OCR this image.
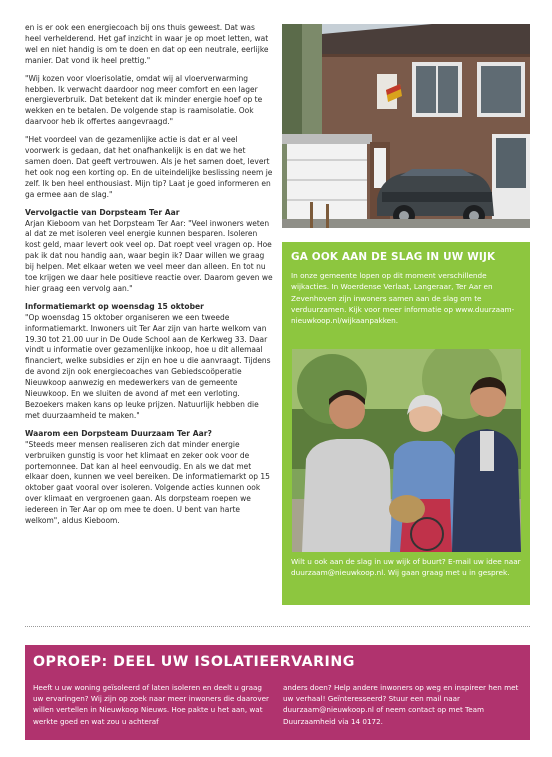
en is er ook een energiecoach bij ons thuis geweest. Dat was heel verhelderend. Het gaf inzicht in waar je op moet letten, wat wel en niet handig is om te doen en dat op een neutrale, eerlijke manier. Dat vond ik heel prettig."

"Wij kozen voor vloerisolatie, omdat wij al vloerverwarming hebben. Ik verwacht daardoor nog meer comfort en een lager energieverbruik. Dat betekent dat ik minder energie hoef op te wekken en te betalen. De volgende stap is raamisolatie. Ook daarvoor heb ik offertes aangevraagd."

"Het voordeel van de gezamenlijke actie is dat er al veel voorwerk is gedaan, dat het onafhankelijk is en dat we het samen doen. Dat geeft vertrouwen. Als je het samen doet, levert het ook nog een korting op. En de uiteindelijke beslissing neem je zelf. Ik ben heel enthousiast. Mijn tip? Laat je goed informeren en ga ermee aan de slag."

Vervolgactie van Dorpsteam Ter Aar
Arjan Kieboom van het Dorpsteam Ter Aar: "Veel inwoners weten al dat ze met isoleren veel energie kunnen besparen. Isoleren kost geld, maar levert ook veel op. Dat roept veel vragen op. Hoe pak ik dat nou handig aan, waar begin ik? Daar willen we graag bij helpen. Met elkaar weten we veel meer dan alleen. En tot nu toe krijgen we daar hele positieve reactie over. Daarom geven we hier graag een vervolg aan."
Informatiemarkt op woensdag 15 oktober
"Op woensdag 15 oktober organiseren we een tweede informatiemarkt. Inwoners uit Ter Aar zijn van harte welkom van 19.30 tot 21.00 uur in De Oude School aan de Kerkweg 33. Daar vindt u informatie over gezamenlijke inkoop, hoe u dit allemaal financiert, welke subsidies er zijn en hoe u die aanvraagt. Tijdens de avond zijn ook energiecoaches van Gebiedscoöperatie Nieuwkoop aanwezig en medewerkers van de gemeente Nieuwkoop. En we sluiten de avond af met een verloting. Bezoekers maken kans op leuke prijzen. Natuurlijk hebben die met duurzaamheid te maken."
Waarom een Dorpsteam Duurzaam Ter Aar?
"Steeds meer mensen realiseren zich dat minder energie verbruiken gunstig is voor het klimaat en zeker ook voor de portemonnee. Dat kan al heel eenvoudig. En als we dat met elkaar doen, kunnen we veel bereiken. De informatiemarkt op 15 oktober gaat vooral over isoleren. Volgende acties kunnen ook over klimaat en vergroenen gaan. Als dorpsteam roepen we iedereen in Ter Aar op om mee te doen. U bent van harte welkom", aldus Kieboom.
GA OOK AAN DE SLAG IN UW WIJK
In onze gemeente lopen op dit moment verschillende wijkacties. In Woerdense Verlaat, Langeraar, Ter Aar en Zevenhoven zijn inwoners samen aan de slag om te verduurzamen. Kijk voor meer informatie op www.duurzaam-nieuwkoop.nl/wijkaanpakken.
Wilt u ook aan de slag in uw wijk of buurt? E-mail uw idee naar duurzaam@nieuwkoop.nl. Wij gaan graag met u in gesprek.
OPROEP: DEEL UW ISOLATIEERVARING
Heeft u uw woning geïsoleerd of laten isoleren en deelt u graag uw ervaringen? Wij zijn op zoek naar meer inwoners die daarover willen vertellen in Nieuwkoop Nieuws. Hoe pakte u het aan, wat werkte goed en wat zou u achteraf
anders doen? Help andere inwoners op weg en inspireer hen met uw verhaal! Geïnteresseerd? Stuur een mail naar duurzaam@nieuwkoop.nl of neem contact op met Team Duurzaamheid via 14 0172.
